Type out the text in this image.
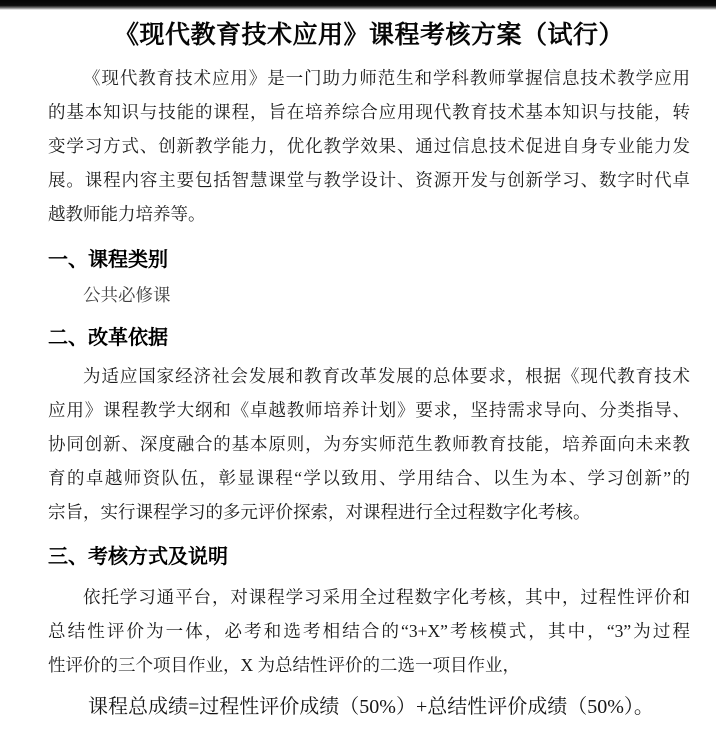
《现代教育技术应用》课程考核方案（试行）
《现代教育技术应用》是一门助力师范生和学科教师掌握信息技术教学应用
的基本知识与技能的课程，旨在培养综合应用现代教育技术基本知识与技能，转
变学习方式、创新教学能力，优化教学效果、通过信息技术促进自身专业能力发
展。课程内容主要包括智慧课堂与教学设计、资源开发与创新学习、数字时代卓
越教师能力培养等。
一、课程类别
公共必修课
二、改革依据
为适应国家经济社会发展和教育改革发展的总体要求，根据《现代教育技术
应用》课程教学大纲和《卓越教师培养计划》要求，坚持需求导向、分类指导、
协同创新、深度融合的基本原则，为夯实师范生教师教育技能，培养面向未来教
育的卓越师资队伍，彰显课程“学以致用、学用结合、以生为本、学习创新”的
宗旨，实行课程学习的多元评价探索，对课程进行全过程数字化考核。
三、考核方式及说明
依托学习通平台，对课程学习采用全过程数字化考核，其中，过程性评价和
总结性评价为一体，必考和选考相结合的“3+X”考核模式，其中，“3”为过程
性评价的三个项目作业，X 为总结性评价的二选一项目作业，
课程总成绩=过程性评价成绩（50%）+总结性评价成绩（50%）。
